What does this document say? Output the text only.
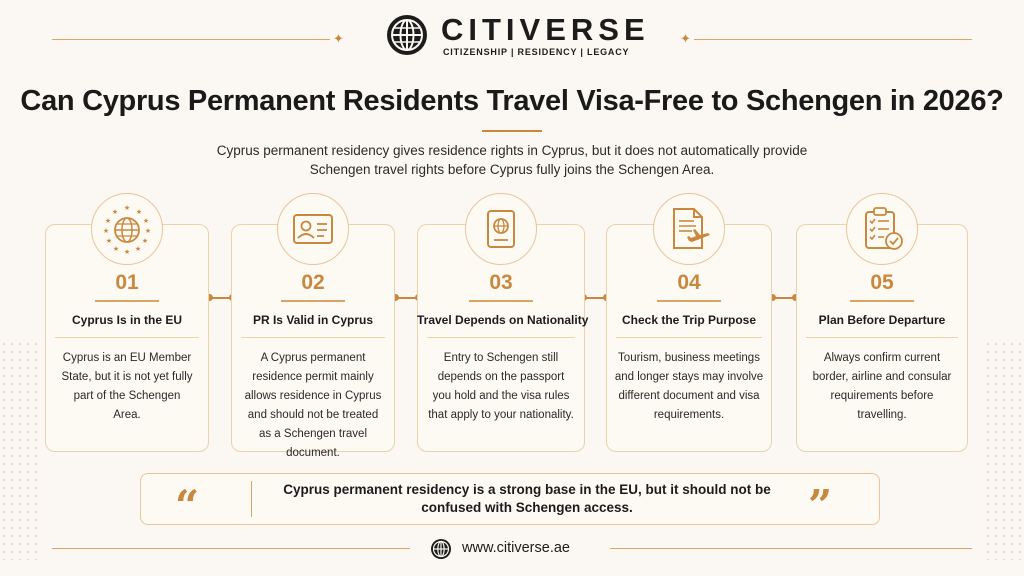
✦	✦
CITIVERSE
CITIZENSHIP | RESIDENCY | LEGACY
Can Cyprus Permanent Residents Travel Visa-Free to Schengen in 2026?
Cyprus permanent residency gives residence rights in Cyprus, but it does not automatically provide Schengen travel rights before Cyprus fully joins the Schengen Area.
★
★
★
★
★
★
★
★
★
★
★
★
01
Cyprus Is in the EU
Cyprus is an EU Member State, but it is not yet fully part of the Schengen Area.
02
PR Is Valid in Cyprus
A Cyprus permanent residence permit mainly allows residence in Cyprus and should not be treated as a Schengen travel document.
03
Travel Depends on Nationality
Entry to Schengen still depends on the passport you hold and the visa rules that apply to your nationality.
04
Check the Trip Purpose
Tourism, business meetings and longer stays may involve different document and visa requirements.
05
Plan Before Departure
Always confirm current border, airline and consular requirements before travelling.
“	Cyprus permanent residency is a strong base in the EU, but it should not be confused with Schengen access.	”
www.citiverse.ae
